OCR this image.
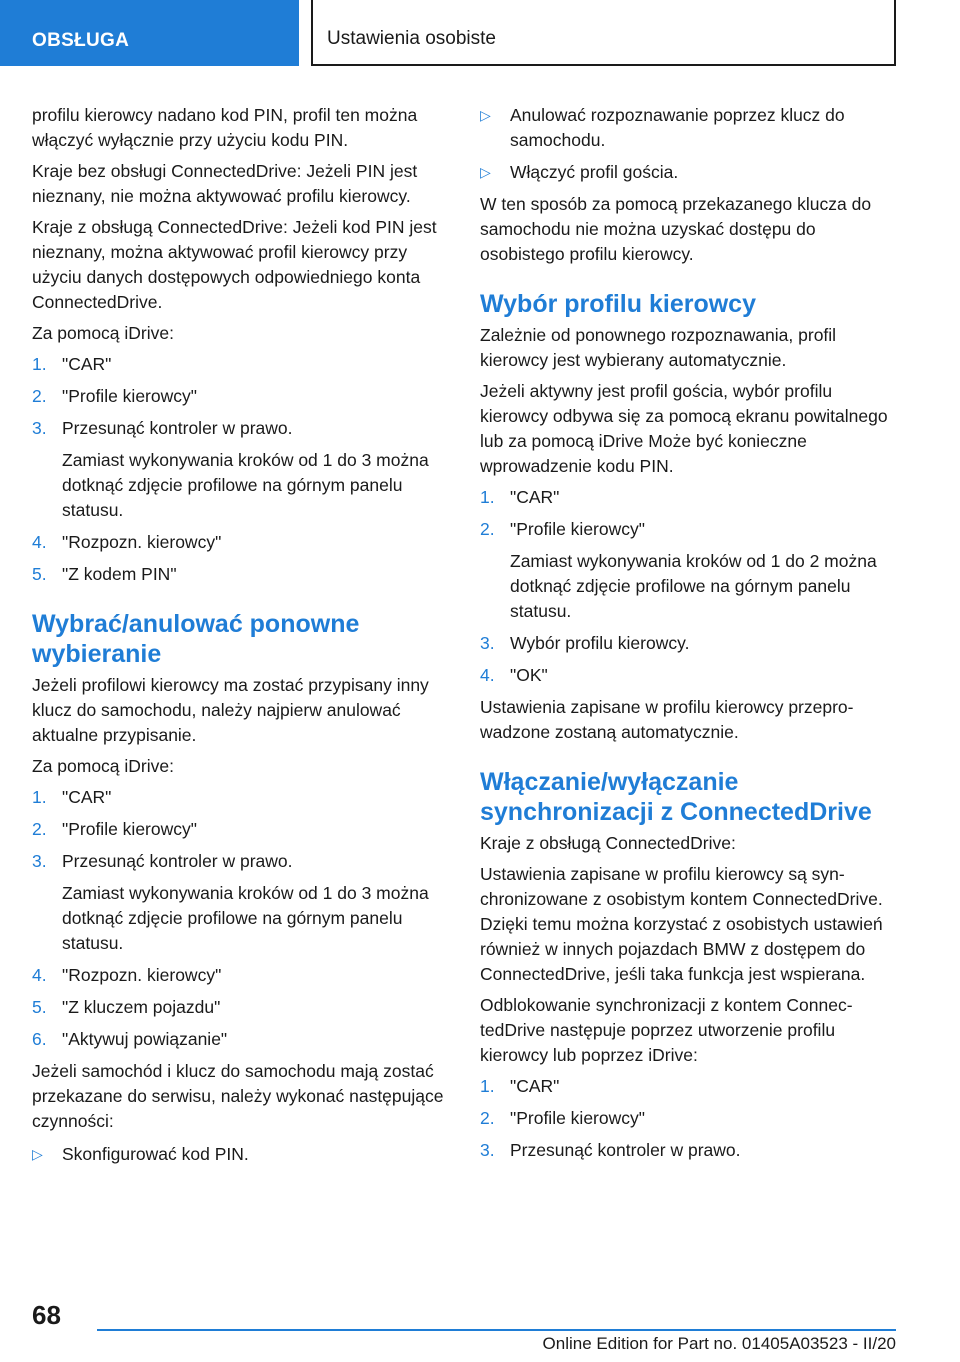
OBSŁUGA	Ustawienia osobiste

profilu kierowcy nadano kod PIN, profil ten można włączyć wyłącznie przy użyciu kodu PIN.

Kraje bez obsługi ConnectedDrive: Jeżeli PIN jest nieznany, nie można aktywować profilu kierowcy.

Kraje z obsługą ConnectedDrive: Jeżeli kod PIN jest nieznany, można aktywować profil kierowcy przy użyciu danych dostępowych odpowiedniego konta ConnectedDrive.

Za pomocą iDrive:

1. "CAR"
2. "Profile kierowcy"
3. Przesunąć kontroler w prawo.
Zamiast wykonywania kroków od 1 do 3 można dotknąć zdjęcie profilowe na górnym panelu statusu.
4. "Rozpozn. kierowcy"
5. "Z kodem PIN"
Wybrać/anulować ponowne wybieranie

Jeżeli profilowi kierowcy ma zostać przypisany inny klucz do samochodu, należy najpierw anulować aktualne przypisanie.

Za pomocą iDrive:

1. "CAR"
2. "Profile kierowcy"
3. Przesunąć kontroler w prawo.
Zamiast wykonywania kroków od 1 do 3 można dotknąć zdjęcie profilowe na górnym panelu statusu.
4. "Rozpozn. kierowcy"
5. "Z kluczem pojazdu"
6. "Aktywuj powiązanie"

Jeżeli samochód i klucz do samochodu mają zostać przekazane do serwisu, należy wykonać następujące czynności:

▷ Skonfigurować kod PIN.
▷ Anulować rozpoznawanie poprzez klucz do samochodu.
▷ Włączyć profil gościa.

W ten sposób za pomocą przekazanego klucza do samochodu nie można uzyskać dostępu do osobistego profilu kierowcy.

Wybór profilu kierowcy

Zależnie od ponownego rozpoznawania, profil kierowcy jest wybierany automatycznie.

Jeżeli aktywny jest profil gościa, wybór profilu kierowcy odbywa się za pomocą ekranu powitalnego lub za pomocą iDrive Może być konieczne wprowadzenie kodu PIN.

1. "CAR"
2. "Profile kierowcy"
Zamiast wykonywania kroków od 1 do 2 można dotknąć zdjęcie profilowe na górnym panelu statusu.
3. Wybór profilu kierowcy.
4. "OK"

Ustawienia zapisane w profilu kierowcy przeprowadzone zostaną automatycznie.

Włączanie/wyłączanie synchronizacji z ConnectedDrive

Kraje z obsługą ConnectedDrive:

Ustawienia zapisane w profilu kierowcy są synchronizowane z osobistym kontem ConnectedDrive. Dzięki temu można korzystać z osobistych ustawień również w innych pojazdach BMW z dostępem do ConnectedDrive, jeśli taka funkcja jest wspierana.

Odblokowanie synchronizacji z kontem ConnectedDrive następuje poprzez utworzenie profilu kierowcy lub poprzez iDrive:

1. "CAR"
2. "Profile kierowcy"
3. Przesunąć kontroler w prawo.
68
Online Edition for Part no. 01405A03523 - II/20
